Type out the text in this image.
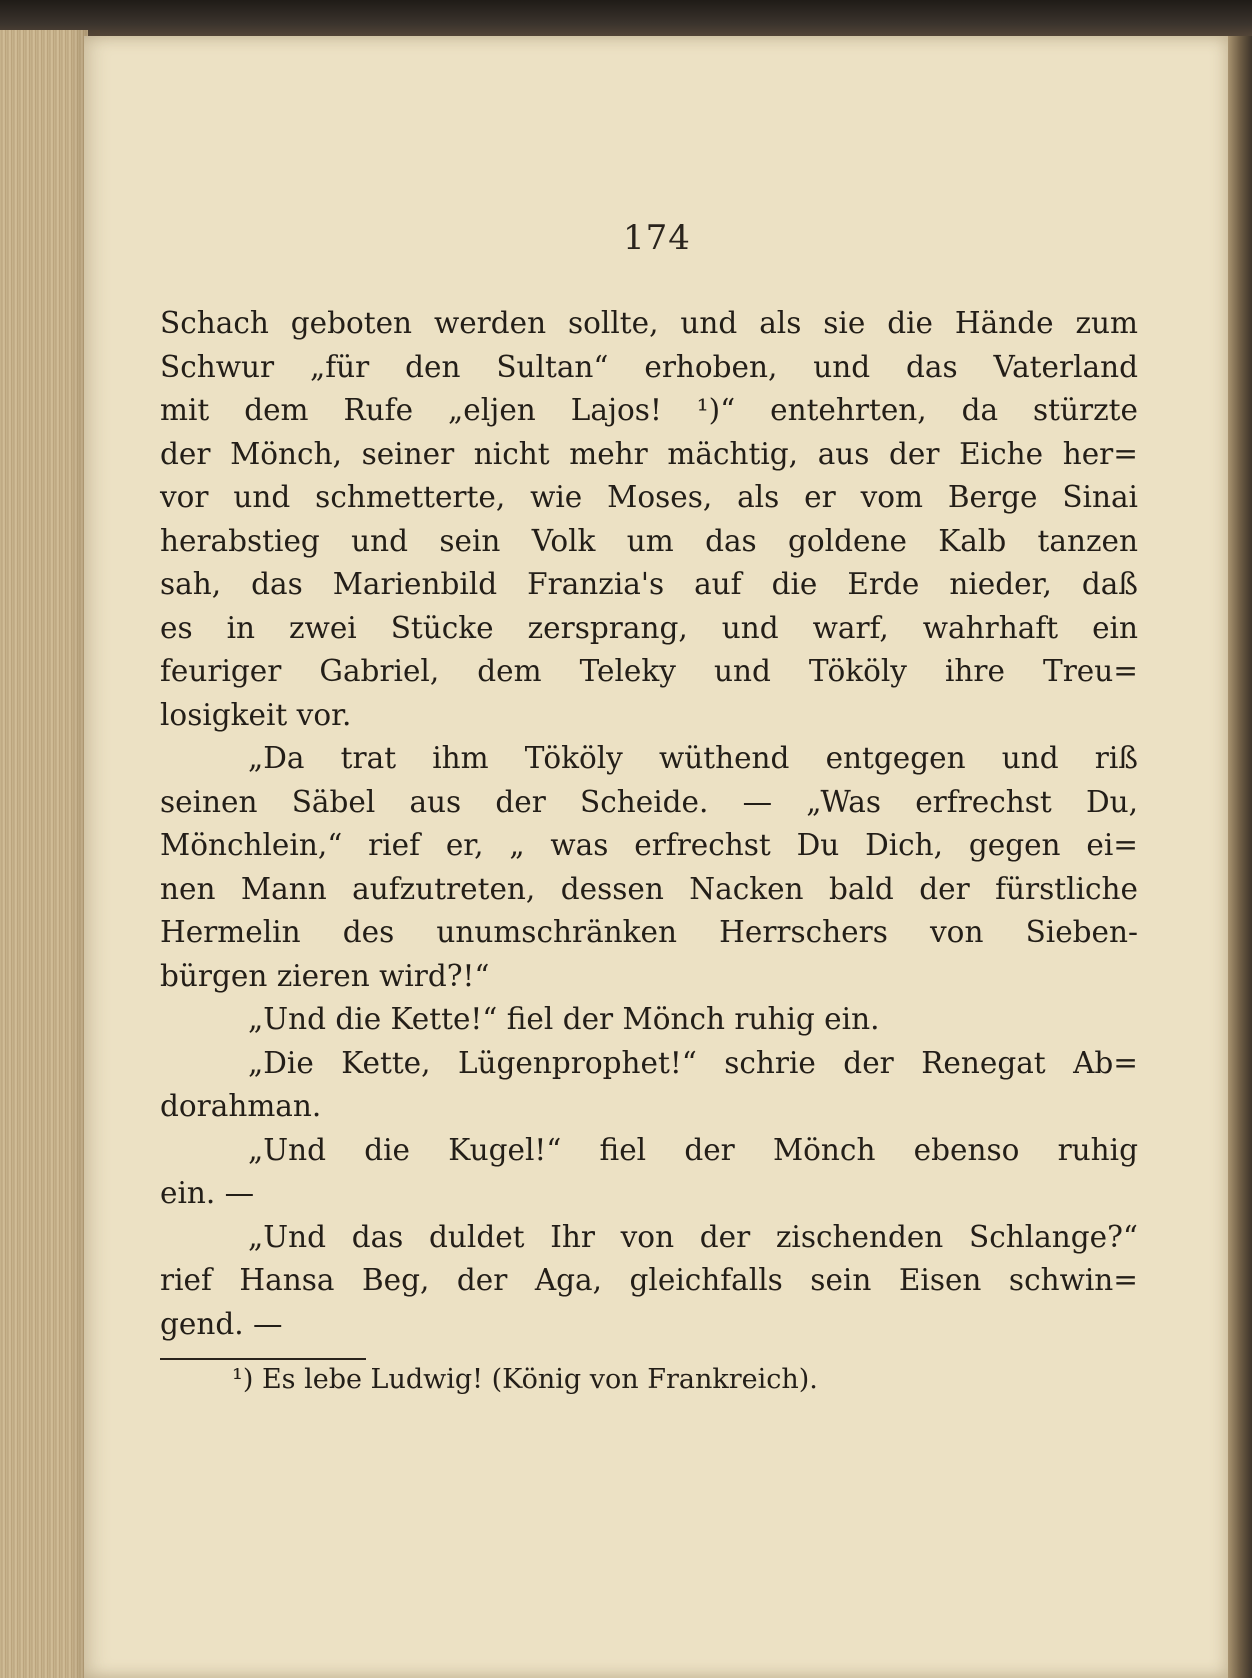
174
Schach geboten werden sollte, und als sie die Hände zum
Schwur „für den Sultan“ erhoben, und das Vaterland
mit dem Rufe „eljen Lajos! ¹)“ entehrten, da stürzte
der Mönch, seiner nicht mehr mächtig, aus der Eiche her=
vor und schmetterte, wie Moses, als er vom Berge Sinai
herabstieg und sein Volk um das goldene Kalb tanzen
sah, das Marienbild Franzia's auf die Erde nieder, daß
es in zwei Stücke zersprang, und warf, wahrhaft ein
feuriger Gabriel, dem Teleky und Tököly ihre Treu=
losigkeit vor.
„Da trat ihm Tököly wüthend entgegen und riß
seinen Säbel aus der Scheide. — „Was erfrechst Du,
Mönchlein,“ rief er, „ was erfrechst Du Dich, gegen ei=
nen Mann aufzutreten, dessen Nacken bald der fürstliche
Hermelin des unumschränken Herrschers von Sieben-
bürgen zieren wird?!“
„Und die Kette!“ fiel der Mönch ruhig ein.
„Die Kette, Lügenprophet!“ schrie der Renegat Ab=
dorahman.
„Und die Kugel!“ fiel der Mönch ebenso ruhig
ein. —
„Und das duldet Ihr von der zischenden Schlange?“
rief Hansa Beg, der Aga, gleichfalls sein Eisen schwin=
gend. —
¹) Es lebe Ludwig! (König von Frankreich).
